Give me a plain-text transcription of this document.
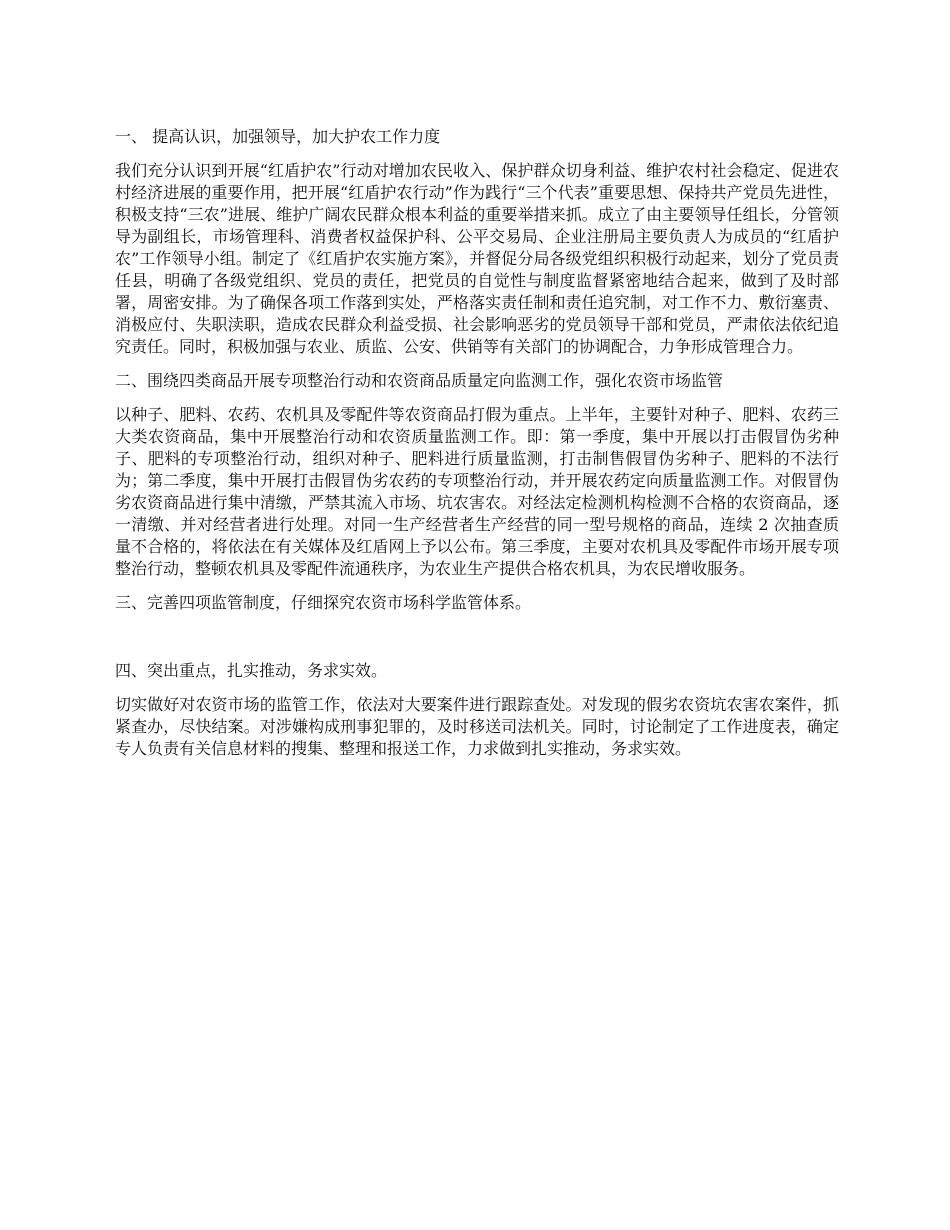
一、 提高认识，加强领导，加大护农工作力度

我们充分认识到开展“红盾护农”行动对增加农民收入、保护群众切身利益、维护农村社会稳定、促进农村经济进展的重要作用，把开展“红盾护农行动”作为践行“三个代表”重要思想、保持共产党员先进性，积极支持“三农”进展、维护广阔农民群众根本利益的重要举措来抓。成立了由主要领导任组长，分管领导为副组长，市场管理科、消费者权益保护科、公平交易局、企业注册局主要负责人为成员的“红盾护农”工作领导小组。制定了《红盾护农实施方案》，并督促分局各级党组织积极行动起来，划分了党员责任县，明确了各级党组织、党员的责任，把党员的自觉性与制度监督紧密地结合起来，做到了及时部署，周密安排。为了确保各项工作落到实处，严格落实责任制和责任追究制，对工作不力、敷衍塞责、消极应付、失职渎职，造成农民群众利益受损、社会影响恶劣的党员领导干部和党员，严肃依法依纪追究责任。同时，积极加强与农业、质监、公安、供销等有关部门的协调配合，力争形成管理合力。

二、围绕四类商品开展专项整治行动和农资商品质量定向监测工作，强化农资市场监管

以种子、肥料、农药、农机具及零配件等农资商品打假为重点。上半年，主要针对种子、肥料、农药三大类农资商品，集中开展整治行动和农资质量监测工作。即：第一季度，集中开展以打击假冒伪劣种子、肥料的专项整治行动，组织对种子、肥料进行质量监测，打击制售假冒伪劣种子、肥料的不法行为；第二季度，集中开展打击假冒伪劣农药的专项整治行动，并开展农药定向质量监测工作。对假冒伪劣农资商品进行集中清缴，严禁其流入市场、坑农害农。对经法定检测机构检测不合格的农资商品，逐一清缴、并对经营者进行处理。对同一生产经营者生产经营的同一型号规格的商品，连续 2 次抽查质量不合格的，将依法在有关媒体及红盾网上予以公布。第三季度，主要对农机具及零配件市场开展专项整治行动，整顿农机具及零配件流通秩序，为农业生产提供合格农机具，为农民增收服务。

三、完善四项监管制度，仔细探究农资市场科学监管体系。

四、突出重点，扎实推动，务求实效。

切实做好对农资市场的监管工作，依法对大要案件进行跟踪查处。对发现的假劣农资坑农害农案件，抓紧查办，尽快结案。对涉嫌构成刑事犯罪的，及时移送司法机关。同时，讨论制定了工作进度表，确定专人负责有关信息材料的搜集、整理和报送工作，力求做到扎实推动，务求实效。
